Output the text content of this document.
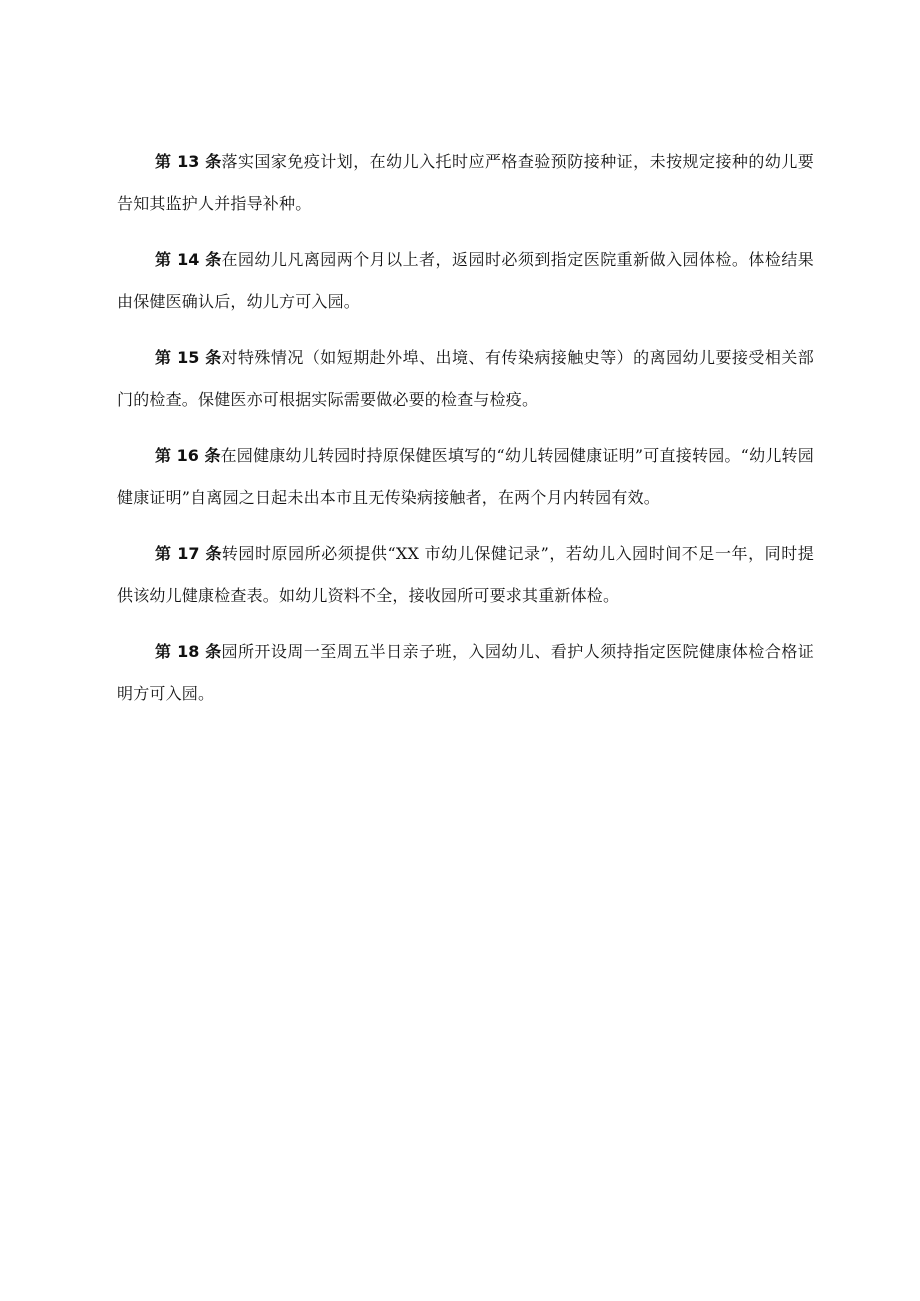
第 13 条落实国家免疫计划，在幼儿入托时应严格查验预防接种证，未按规定接种的幼儿要告知其监护人并指导补种。

第 14 条在园幼儿凡离园两个月以上者，返园时必须到指定医院重新做入园体检。体检结果由保健医确认后，幼儿方可入园。

第 15 条对特殊情况（如短期赴外埠、出境、有传染病接触史等）的离园幼儿要接受相关部门的检查。保健医亦可根据实际需要做必要的检查与检疫。

第 16 条在园健康幼儿转园时持原保健医填写的“幼儿转园健康证明”可直接转园。“幼儿转园健康证明”自离园之日起未出本市且无传染病接触者，在两个月内转园有效。

第 17 条转园时原园所必须提供“XX 市幼儿保健记录”，若幼儿入园时间不足一年，同时提供该幼儿健康检查表。如幼儿资料不全，接收园所可要求其重新体检。

第 18 条园所开设周一至周五半日亲子班，入园幼儿、看护人须持指定医院健康体检合格证明方可入园。
